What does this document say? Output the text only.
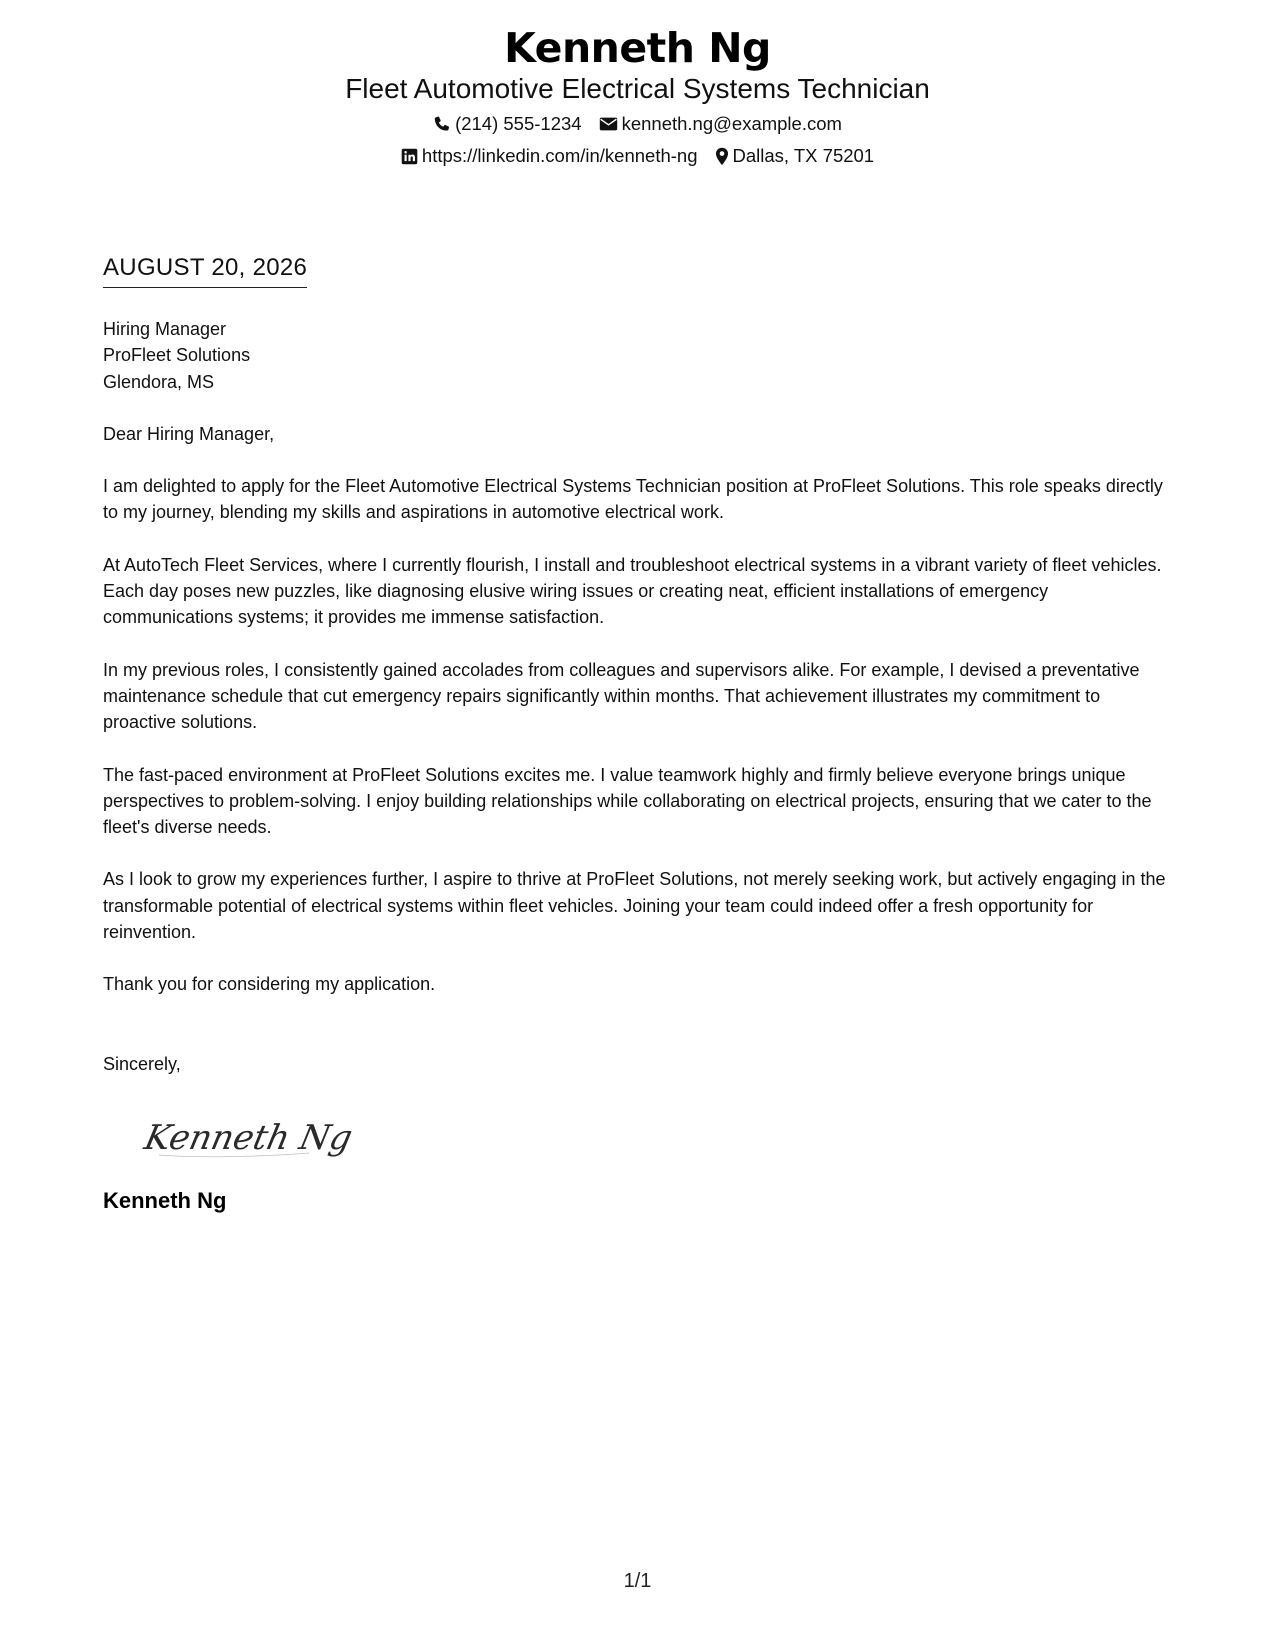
Kenneth Ng
Fleet Automotive Electrical Systems Technician
(214) 555-1234 kenneth.ng@example.com
https://linkedin.com/in/kenneth-ng Dallas, TX 75201
AUGUST 20, 2026
Hiring Manager
ProFleet Solutions
Glendora, MS

Dear Hiring Manager,

I am delighted to apply for the Fleet Automotive Electrical Systems Technician position at ProFleet Solutions. This role speaks directly to my journey, blending my skills and aspirations in automotive electrical work.

At AutoTech Fleet Services, where I currently flourish, I install and troubleshoot electrical systems in a vibrant variety of fleet vehicles. Each day poses new puzzles, like diagnosing elusive wiring issues or creating neat, efficient installations of emergency communications systems; it provides me immense satisfaction.

In my previous roles, I consistently gained accolades from colleagues and supervisors alike. For example, I devised a preventative maintenance schedule that cut emergency repairs significantly within months. That achievement illustrates my commitment to proactive solutions.

The fast-paced environment at ProFleet Solutions excites me. I value teamwork highly and firmly believe everyone brings unique perspectives to problem-solving. I enjoy building relationships while collaborating on electrical projects, ensuring that we cater to the fleet's diverse needs.

As I look to grow my experiences further, I aspire to thrive at ProFleet Solutions, not merely seeking work, but actively engaging in the transformable potential of electrical systems within fleet vehicles. Joining your team could indeed offer a fresh opportunity for reinvention.

Thank you for considering my application.

Sincerely,
Kenneth Ng
Kenneth Ng
1/1
